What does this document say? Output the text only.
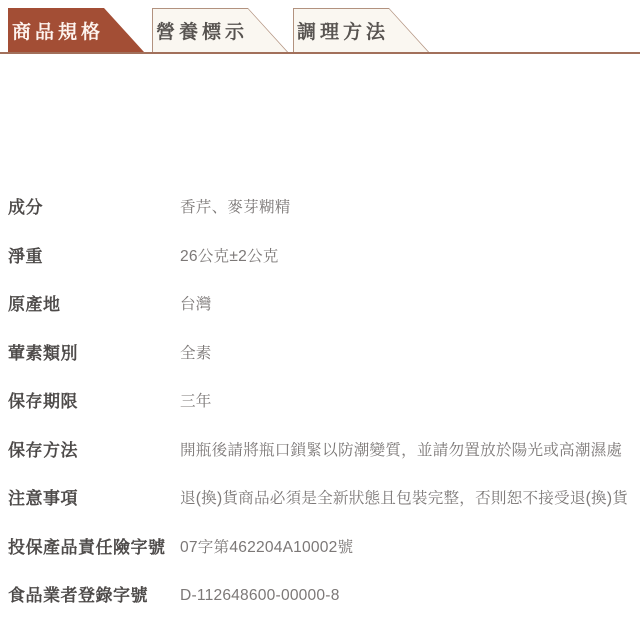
商品規格	營養標示	調理方法
成分	香芹、麥芽糊精
淨重	26公克±2公克
原產地	台灣
葷素類別	全素
保存期限	三年
保存方法	開瓶後請將瓶口鎖緊以防潮變質，並請勿置放於陽光或高潮濕處
注意事項	退(換)貨商品必須是全新狀態且包裝完整，否則恕不接受退(換)貨
投保產品責任險字號 07字第462204A10002號
食品業者登錄字號	D-112648600-00000-8
